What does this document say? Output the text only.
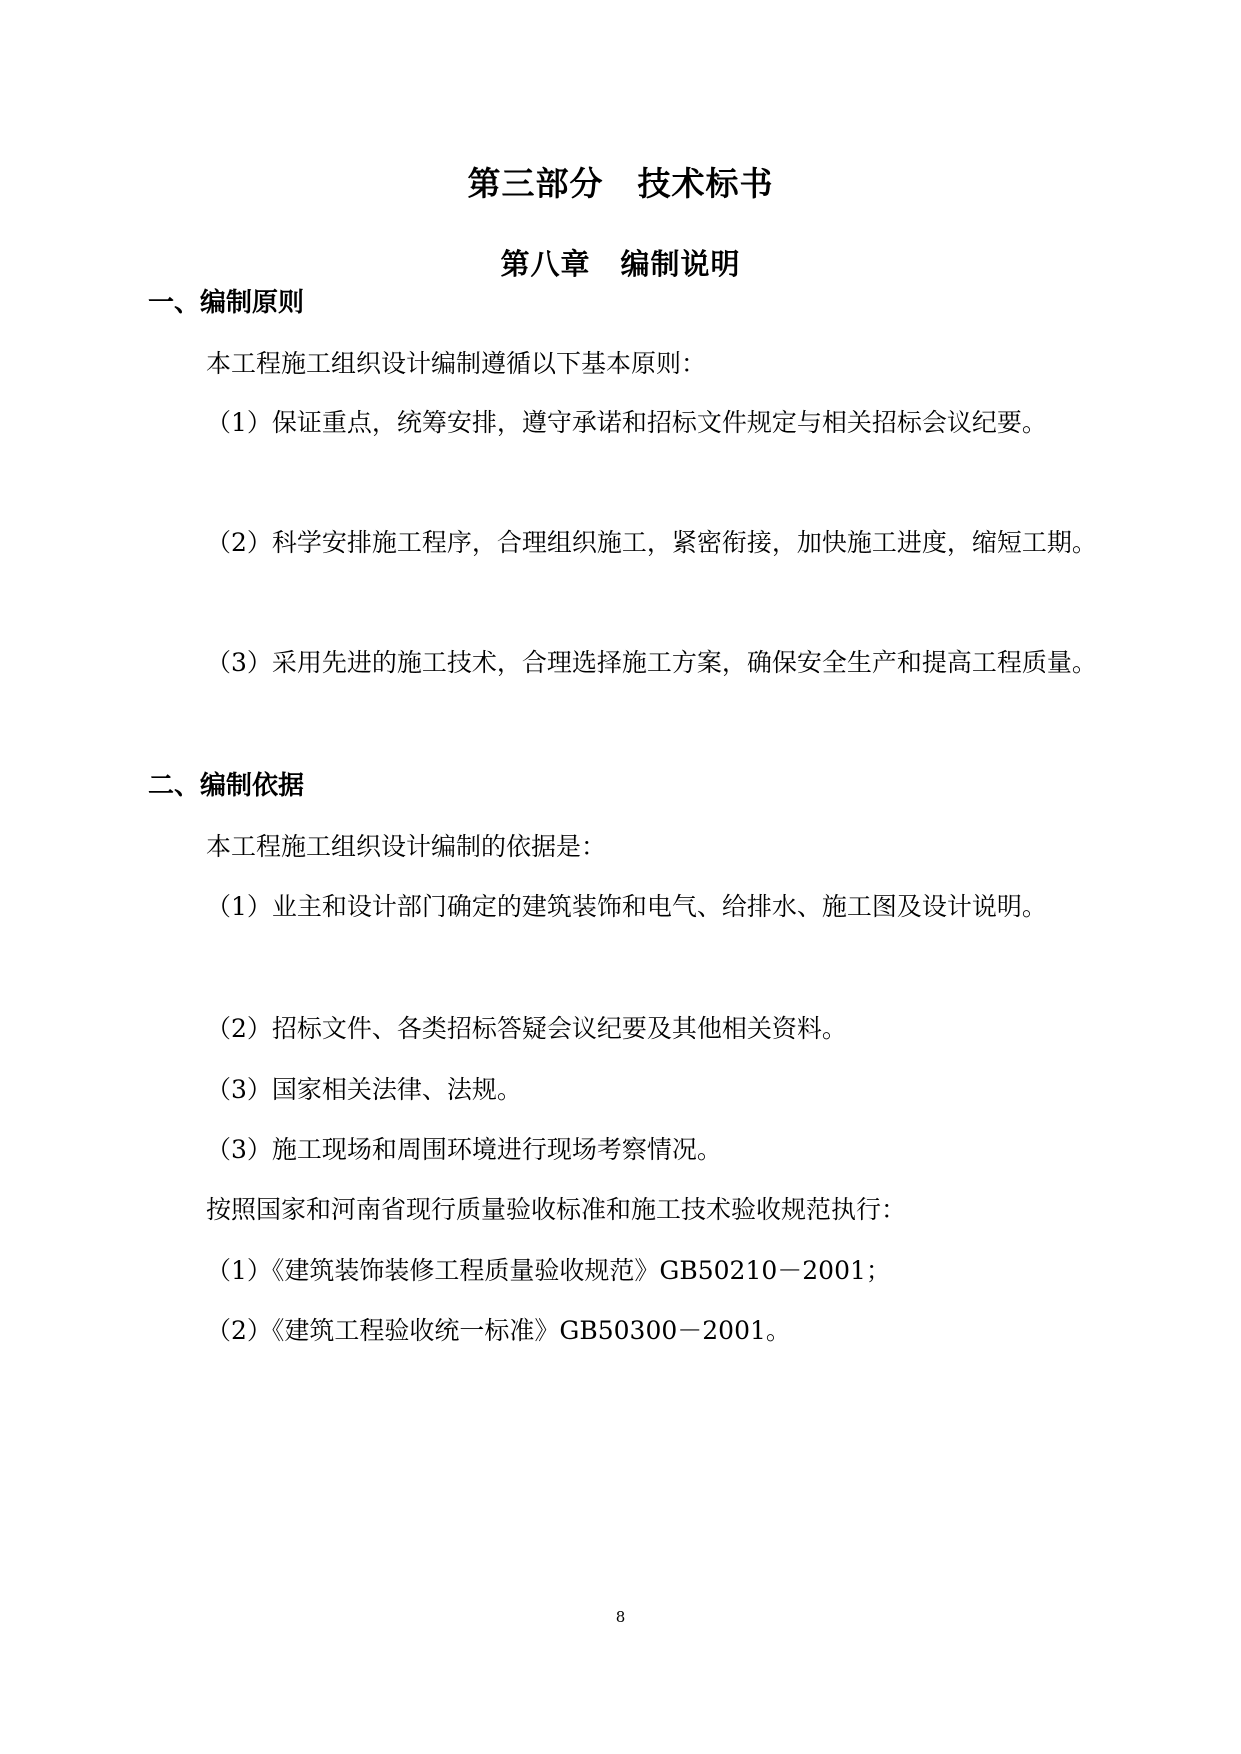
第三部分　技术标书
第八章　编制说明
一、编制原则
本工程施工组织设计编制遵循以下基本原则：
（1）保证重点，统筹安排，遵守承诺和招标文件规定与相关招标会议纪要。
（2）科学安排施工程序，合理组织施工，紧密衔接，加快施工进度，缩短工期。
（3）采用先进的施工技术，合理选择施工方案，确保安全生产和提高工程质量。
二、编制依据
本工程施工组织设计编制的依据是：
（1）业主和设计部门确定的建筑装饰和电气、给排水、施工图及设计说明。
（2）招标文件、各类招标答疑会议纪要及其他相关资料。
（3）国家相关法律、法规。
（3）施工现场和周围环境进行现场考察情况。
按照国家和河南省现行质量验收标准和施工技术验收规范执行：
（1）《建筑装饰装修工程质量验收规范》GB50210－2001；
（2）《建筑工程验收统一标准》GB50300－2001。
8
